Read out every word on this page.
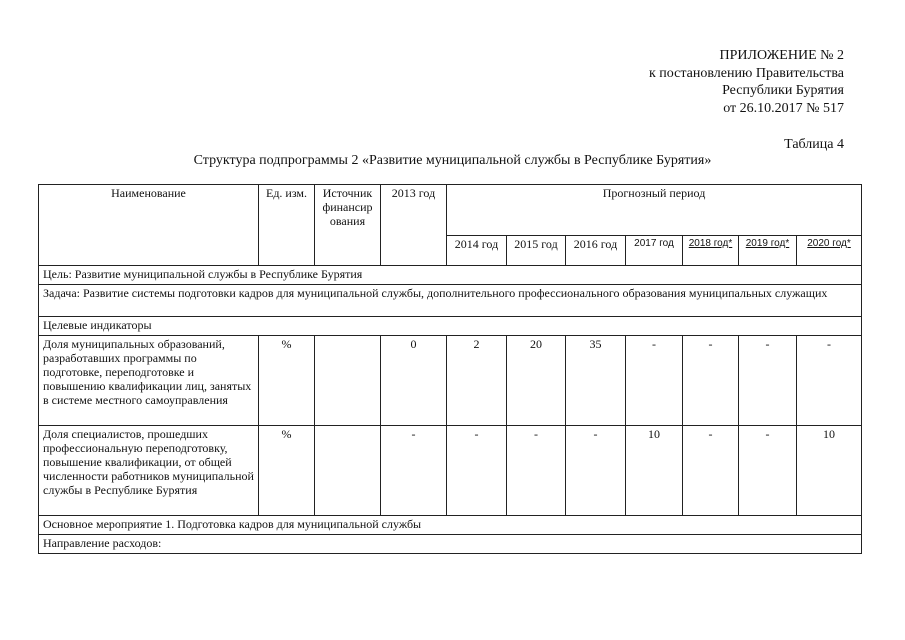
ПРИЛОЖЕНИЕ № 2
к постановлению Правительства
Республики Бурятия
от 26.10.2017 № 517
Таблица 4
Структура подпрограммы 2 «Развитие муниципальной службы в Республике Бурятия»
Наименование	Ед. изм.	Источник финансир ования	2013 год	Прогнозный период						
				2014 год	2015 год	2016 год	2017 год	2018 год*	2019 год*	2020 год*
Цель: Развитие муниципальной службы в Республике Бурятия										
Задача: Развитие системы подготовки кадров для муниципальной службы, дополнительного профессионального образования муниципальных служащих										
Целевые индикаторы										
Доля муниципальных образований, разработавших программы по подготовке, переподготовке и повышению квалификации лиц, занятых в системе местного самоуправления	%		0	2	20	35	-	-	-	-
Доля специалистов, прошедших профессиональную переподготовку, повышение квалификации, от общей численности работников муниципальной службы в Республике Бурятия	%		-	-	-	-	10	-	-	10
Основное мероприятие 1. Подготовка кадров для муниципальной службы										
Направление расходов:										
